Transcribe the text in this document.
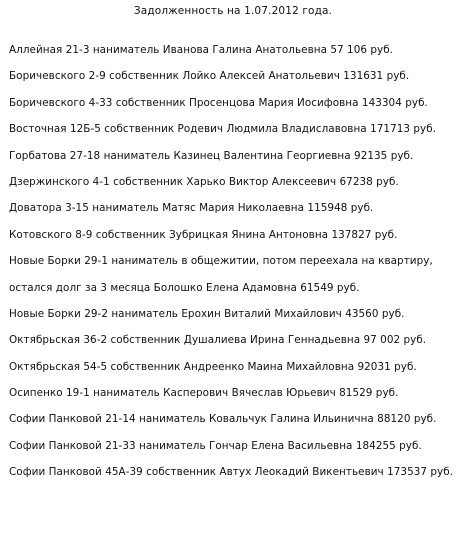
Задолженность на 1.07.2012 года.
Аллейная 21-3 наниматель Иванова Галина Анатольевна 57 106 руб.
Боричевского 2-9 собственник Лойко Алексей Анатольевич 131631 руб.
Боричевского 4-33 собственник Просенцова Мария Иосифовна 143304 руб.
Восточная 12Б-5 собственник Родевич Людмила Владиславовна 171713 руб.
Горбатова 27-18 наниматель Казинец Валентина Георгиевна 92135 руб.
Дзержинского 4-1 собственник Харько Виктор Алексеевич 67238 руб.
Доватора 3-15 наниматель Матяс Мария Николаевна 115948 руб.
Котовского 8-9 собственник Зубрицкая Янина Антоновна 137827 руб.
Новые Борки 29-1 наниматель в общежитии, потом переехала на квартиру,
остался долг за 3 месяца Болошко Елена Адамовна 61549 руб.
Новые Борки 29-2 наниматель Ерохин Виталий Михайлович 43560 руб.
Октябрьская 36-2 собственник Душалиева Ирина Геннадьевна 97 002 руб.
Октябрьская 54-5 собственник Андреенко Маина Михайловна 92031 руб.
Осипенко 19-1 наниматель Касперович Вячеслав Юрьевич 81529 руб.
Софии Панковой 21-14 наниматель Ковальчук Галина Ильинична 88120 руб.
Софии Панковой 21-33 наниматель Гончар Елена Васильевна 184255 руб.
Софии Панковой 45А-39 собственник Автух Леокадий Викентьевич 173537 руб.
